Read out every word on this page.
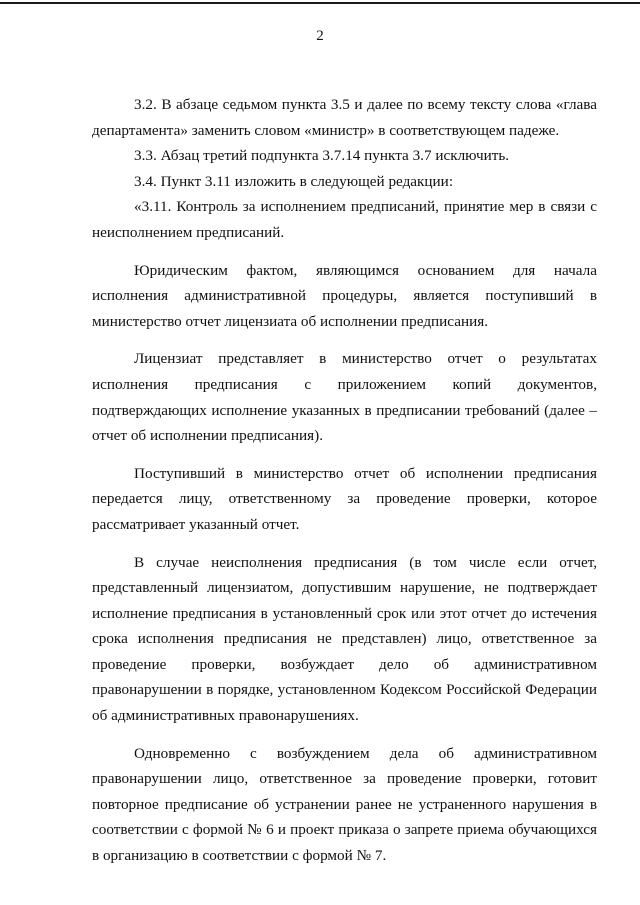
2

3.2. В абзаце седьмом пункта 3.5 и далее по всему тексту слова «глава департамента» заменить словом «министр» в соответствующем падеже.

3.3. Абзац третий подпункта 3.7.14 пункта 3.7 исключить.

3.4. Пункт 3.11 изложить в следующей редакции:

«3.11. Контроль за исполнением предписаний, принятие мер в связи с неисполнением предписаний.

Юридическим фактом, являющимся основанием для начала исполнения административной процедуры, является поступивший в министерство отчет лицензиата об исполнении предписания.

Лицензиат представляет в министерство отчет о результатах исполнения предписания с приложением копий документов, подтверждающих исполнение указанных в предписании требований (далее – отчет об исполнении предписания).

Поступивший в министерство отчет об исполнении предписания передается лицу, ответственному за проведение проверки, которое рассматривает указанный отчет.

В случае неисполнения предписания (в том числе если отчет, представленный лицензиатом, допустившим нарушение, не подтверждает исполнение предписания в установленный срок или этот отчет до истечения срока исполнения предписания не представлен) лицо, ответственное за проведение проверки, возбуждает дело об административном правонарушении в порядке, установленном Кодексом Российской Федерации об административных правонарушениях.

Одновременно с возбуждением дела об административном правонарушении лицо, ответственное за проведение проверки, готовит повторное предписание об устранении ранее не устраненного нарушения в соответствии с формой № 6 и проект приказа о запрете приема обучающихся в организацию в соответствии с формой № 7.
